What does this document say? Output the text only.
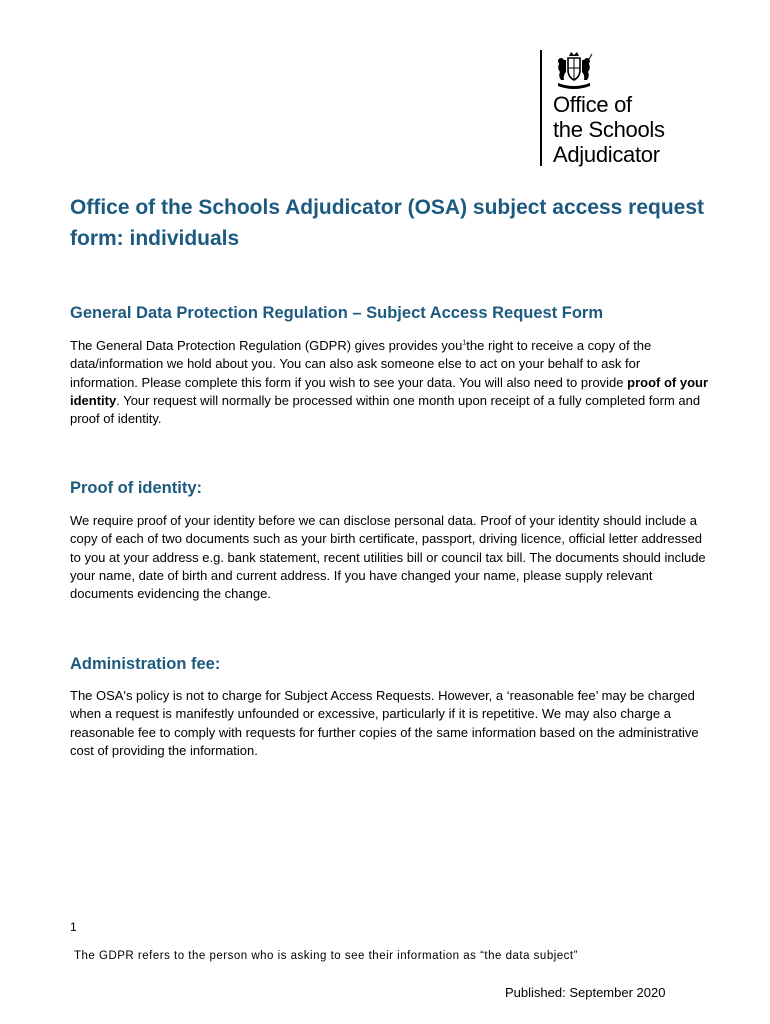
Office of
the Schools
Adjudicator
Office of the Schools Adjudicator (OSA) subject access request form: individuals
General Data Protection Regulation – Subject Access Request Form

The General Data Protection Regulation (GDPR) gives provides you$^1$the right to receive a copy of the data/information we hold about you. You can also ask someone else to act on your behalf to ask for information. Please complete this form if you wish to see your data. You will also need to provide proof of your identity. Your request will normally be processed within one month upon receipt of a fully completed form and proof of identity.

Proof of identity:

We require proof of your identity before we can disclose personal data. Proof of your identity should include a copy of each of two documents such as your birth certificate, passport, driving licence, official letter addressed to you at your address e.g. bank statement, recent utilities bill or council tax bill. The documents should include your name, date of birth and current address. If you have changed your name, please supply relevant documents evidencing the change.

Administration fee:

The OSA's policy is not to charge for Subject Access Requests. However, a ‘reasonable fee’ may be charged when a request is manifestly unfounded or excessive, particularly if it is repetitive. We may also charge a reasonable fee to comply with requests for further copies of the same information based on the administrative cost of providing the information.

1
The GDPR refers to the person who is asking to see their information as “the data subject”
Published: September 2020
